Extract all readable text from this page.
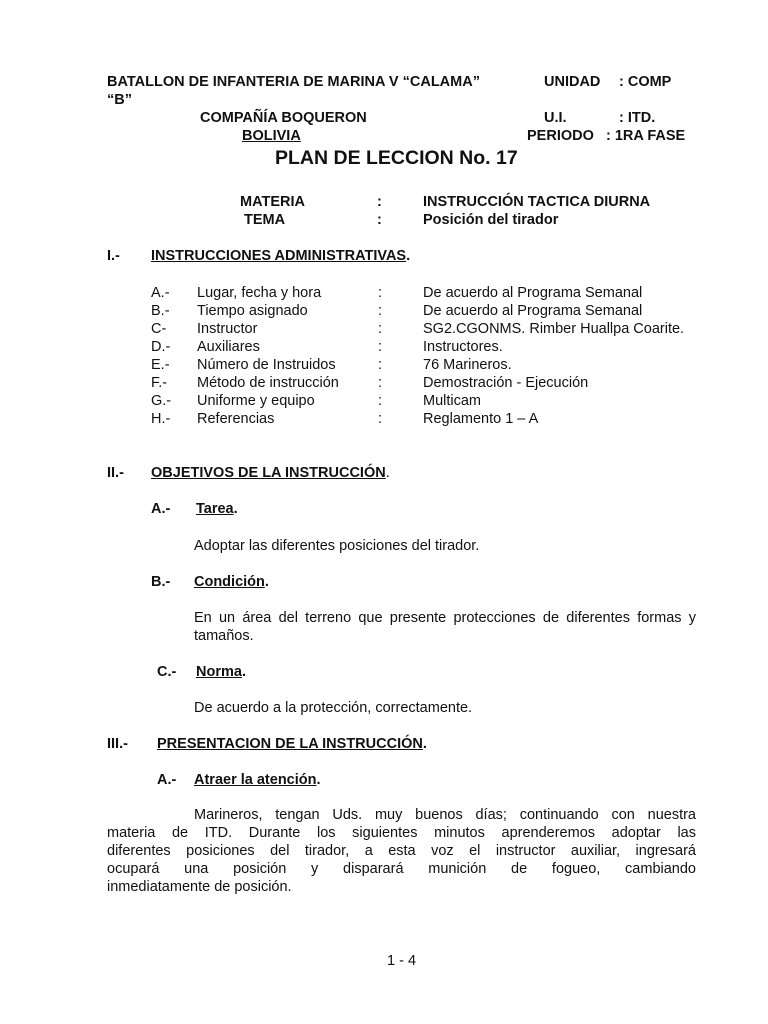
BATALLON DE INFANTERIA DE MARINA V “CALAMA”	UNIDAD : COMP
“B”
COMPAÑÍA BOQUERON	U.I.	: ITD.
BOLIVIA	PERIODO : 1RA FASE
PLAN DE LECCION No. 17
MATERIA	:	INSTRUCCIÓN TACTICA DIURNA
TEMA	:	Posición del tirador
I.- INSTRUCCIONES ADMINISTRATIVAS.
A.- Lugar, fecha y hora	:	De acuerdo al Programa Semanal
B.- Tiempo asignado	:	De acuerdo al Programa Semanal
C- Instructor	:	SG2.CGONMS. Rimber Huallpa Coarite.
D.- Auxiliares	:	Instructores.
E.- Número de Instruidos	:	76 Marineros.
F.- Método de instrucción	:	Demostración - Ejecución
G.- Uniforme y equipo	:	Multicam
H.- Referencias	:	Reglamento 1 – A
II.- OBJETIVOS DE LA INSTRUCCIÓN.
A.- Tarea.
Adoptar las diferentes posiciones del tirador.
B.- Condición.
En un área del terreno que presente protecciones de diferentes formas y
tamaños.
C.- Norma.
De acuerdo a la protección, correctamente.
III.- PRESENTACION DE LA INSTRUCCIÓN.
A.- Atraer la atención.
Marineros, tengan Uds. muy buenos días; continuando con nuestra
materia de ITD. Durante los siguientes minutos aprenderemos adoptar las
diferentes posiciones del tirador, a esta voz el instructor auxiliar, ingresará
ocupará una posición y disparará munición de fogueo, cambiando
inmediatamente de posición.
1 - 4
